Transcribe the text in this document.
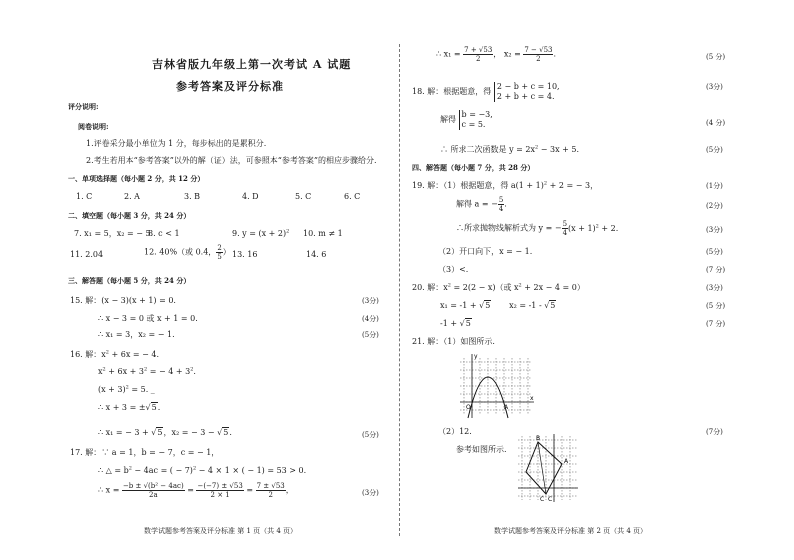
吉林省版九年级上第一次考试 A 试题
参考答案及评分标准
评分说明:
阅卷说明:
1.评卷采分最小单位为 1 分，每步标出的是累积分.
2.考生若用本“参考答案”以外的解（证）法，可参照本“参考答案”的相应步骤给分.
一、单项选择题（每小题 2 分，共 12 分）
1. C	2. A	3. B	4. D	5. C	6. C
二、填空题（每小题 3 分，共 24 分）
7. x₁ = 5，x₂ = − 5
8. c < 1	9. $y = (x + 2)^2$ 10. m ≠ 1
11. 2.04	12. 40%（或 0.4， $\frac{2}{5}$ ） 13. 16	14. 6
三、解答题（每小题 5 分，共 24 分）
15. 解：(x − 3)(x + 1) = 0.	(3分)
∴ x − 3 = 0 或 x + 1 = 0.	(4分)
∴ x₁ = 3，x₂ = − 1.	(5分)
16. 解：$x^2 + 6x$ = − 4.
$x^2 + 6x + 3^2$ = − $4 + 3^2$.
$(x + 3)^2 = 5$. _
∴ x + 3 = ±√5.
∴ x₁ = − 3 + √5，x₂ = − 3 − √5.	(5分)
17. 解：∵ a = 1，b = − 7，c = − 1，
∴ △ = $b^2 - 4ac$ = ( − 7)$^2$ − 4 × 1 × ( − 1) = 53 > 0.
∴ $x = \frac{\text{−b ± √(b² − 4ac)}}{2a} = \frac{-(-7) \pm √53}{2 \times 1} = \frac{7 \pm √53}{2}$ ，	(3分)
数学试题参考答案及评分标准 第 1 页（共 4 页）
∴ $x_1 = \frac{7 + √53}{2}$ ， $x_2 = \frac{7 - √53}{2}$ .	(5 分)
18. 解：根据题意，得 2 − b + c = 10,
2 + b + c = 4.
(3分)
解得 b = −3,
c = 5.	(4 分)
∴ 所求二次函数是 $y = 2x^2 - 3x + 5$.	(5分)
四、解答题（每小题 7 分，共 28 分）
19. 解：（1）根据题意，得 $a(1 + 1)^2 + 2$ = − 3，	(1分)
解得 a = − $\frac{5}{4}$ .	(2分)
∴所求抛物线解析式为 y = − $\frac{5}{4} (x + 1)^2 + 2$.	(3分)
（2）开口向下，x = − 1.	(5分)
（3）<.	(7 分)
20. 解：$x^2 = 2(2 - x)$（或 $x^2 + 2x - 4 = 0$）	(3分)
x₁ = -1 + √5       x₂ = -1 - √5	(5 分)
-1 + √5	(7 分)
21. 解：（1）如图所示.
y
x
O	A
（2）12.	(7分)
参考如图所示.
B
A
C C
数学试题参考答案及评分标准 第 2 页（共 4 页）
